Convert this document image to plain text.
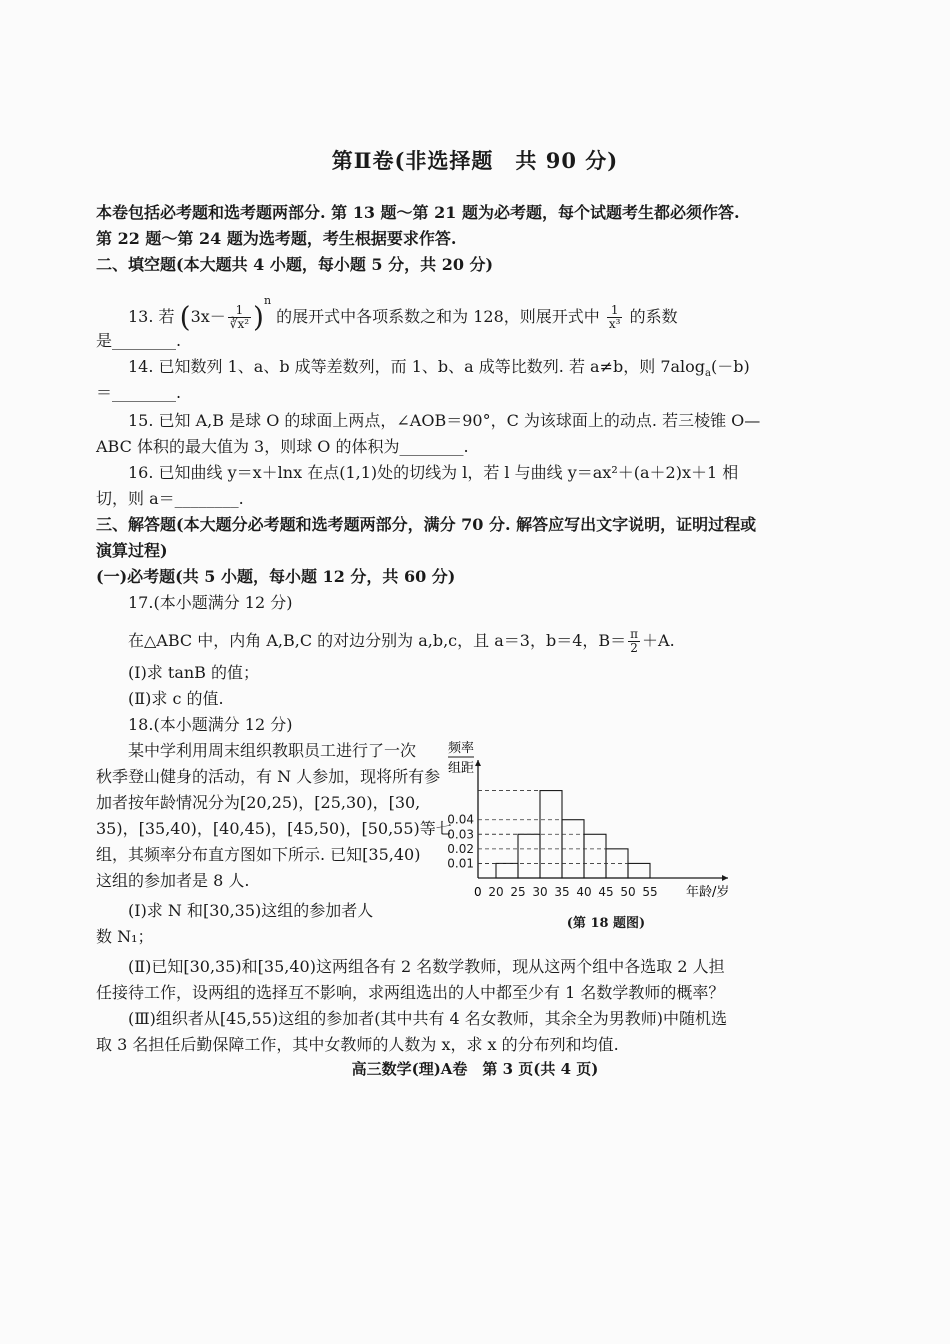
第Ⅱ卷(非选择题　共 90 分)
本卷包括必考题和选考题两部分. 第 13 题～第 21 题为必考题，每个试题考生都必须作答.
第 22 题～第 24 题为选考题，考生根据要求作答.
二、填空题(本大题共 4 小题，每小题 5 分，共 20 分)
13. 若 $(3x- \frac{1}{\text{∛x²}} )^n$ 的展开式中各项系数之和为 128，则展开式中 $\frac{1}{\text{x³}}$ 的系数
是________.
14. 已知数列 1、a、b 成等差数列，而 1、b、a 成等比数列. 若 a≠b，则 7alog$_a$(－b)
＝________.
15. 已知 A,B 是球 O 的球面上两点，∠AOB＝90°，C 为该球面上的动点. 若三棱锥 O—
ABC 体积的最大值为 3，则球 O 的体积为________.
16. 已知曲线 y＝x＋lnx 在点(1,1)处的切线为 l，若 l 与曲线 y＝ax²＋(a＋2)x＋1 相
切，则 a＝________.
三、解答题(本大题分必考题和选考题两部分，满分 70 分. 解答应写出文字说明，证明过程或
演算过程)
(一)必考题(共 5 小题，每小题 12 分，共 60 分)
17.(本小题满分 12 分)
在△ABC 中，内角 A,B,C 的对边分别为 a,b,c，且 a＝3，b＝4，$B= \frac{\pi}{2} +A$.
(Ⅰ)求 tanB 的值；
(Ⅱ)求 c 的值.
18.(本小题满分 12 分)
某中学利用周末组织教职员工进行了一次
秋季登山健身的活动，有 N 人参加，现将所有参
加者按年龄情况分为[20,25)，[25,30)，[30,
35)，[35,40)，[40,45)，[45,50)，[50,55)等七
组，其频率分布直方图如下所示. 已知[35,40)
这组的参加者是 8 人.
(Ⅰ)求 N 和[30,35)这组的参加者人
数 N₁；
(Ⅱ)已知[30,35)和[35,40)这两组各有 2 名数学教师，现从这两个组中各选取 2 人担
任接待工作，设两组的选择互不影响，求两组选出的人中都至少有 1 名数学教师的概率？
(Ⅲ)组织者从[45,55)这组的参加者(其中共有 4 名女教师，其余全为男教师)中随机选
取 3 名担任后勤保障工作，其中女教师的人数为 x，求 x 的分布列和均值.
0.01
0.02
0.03
0.04
20 25 30 35 40 45 50 55
频率
组距
年龄/岁
0
(第 18 题图)
高三数学(理)A卷　第 3 页(共 4 页)
